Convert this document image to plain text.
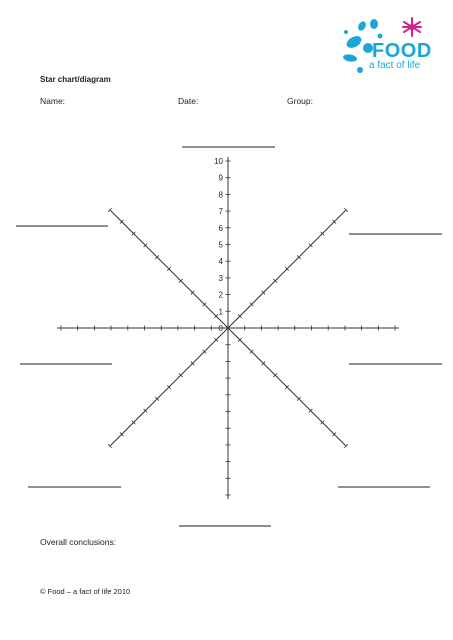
FOOD
a fact of life
Star chart/diagram
Name:	Date:	Group:
0
1
2
3
4
5
6
7
8
9
10
Overall conclusions:
© Food – a fact of life 2010
